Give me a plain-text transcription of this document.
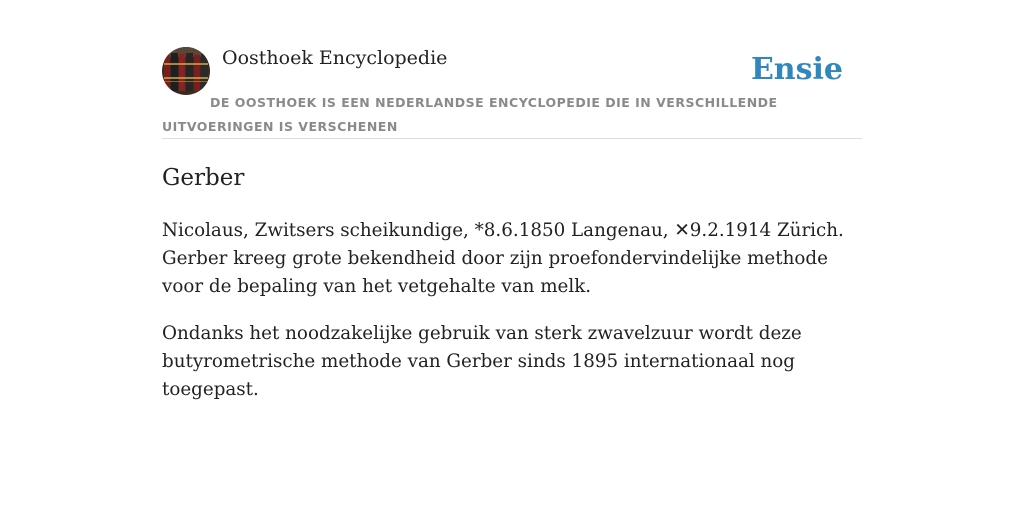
Oosthoek Encyclopedie	Ensie
DE OOSTHOEK IS EEN NEDERLANDSE ENCYCLOPEDIE DIE IN VERSCHILLENDE UITVOERINGEN IS VERSCHENEN
Gerber

Nicolaus, Zwitsers scheikundige, *8.6.1850 Langenau, ✕9.2.1914 Zürich. Gerber kreeg grote bekendheid door zijn proefondervindelijke methode voor de bepaling van het vetgehalte van melk.

Ondanks het noodzakelijke gebruik van sterk zwavelzuur wordt deze butyrometrische methode van Gerber sinds 1895 internationaal nog toegepast.
